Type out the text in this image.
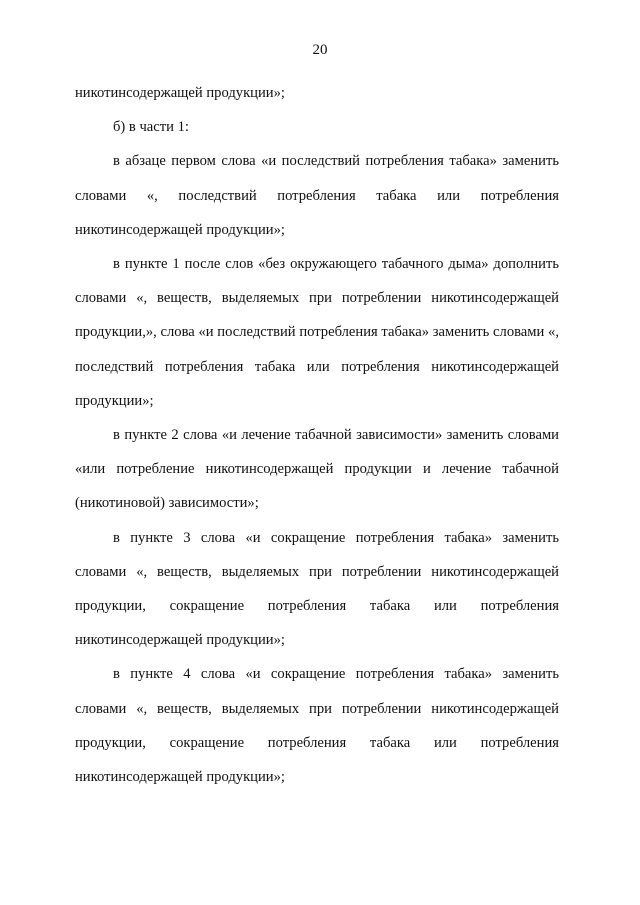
20

никотинсодержащей продукции»;

б) в части 1:

в абзаце первом слова «и последствий потребления табака» заменить словами «, последствий потребления табака или потребления никотинсодержащей продукции»;

в пункте 1 после слов «без окружающего табачного дыма» дополнить словами «, веществ, выделяемых при потреблении никотинсодержащей продукции,», слова «и последствий потребления табака» заменить словами «, последствий потребления табака или потребления никотинсодержащей продукции»;

в пункте 2 слова «и лечение табачной зависимости» заменить словами «или потребление никотинсодержащей продукции и лечение табачной (никотиновой) зависимости»;

в пункте 3 слова «и сокращение потребления табака» заменить словами «, веществ, выделяемых при потреблении никотинсодержащей продукции, сокращение потребления табака или потребления никотинсодержащей продукции»;

в пункте 4 слова «и сокращение потребления табака» заменить словами «, веществ, выделяемых при потреблении никотинсодержащей продукции, сокращение потребления табака или потребления никотинсодержащей продукции»;
